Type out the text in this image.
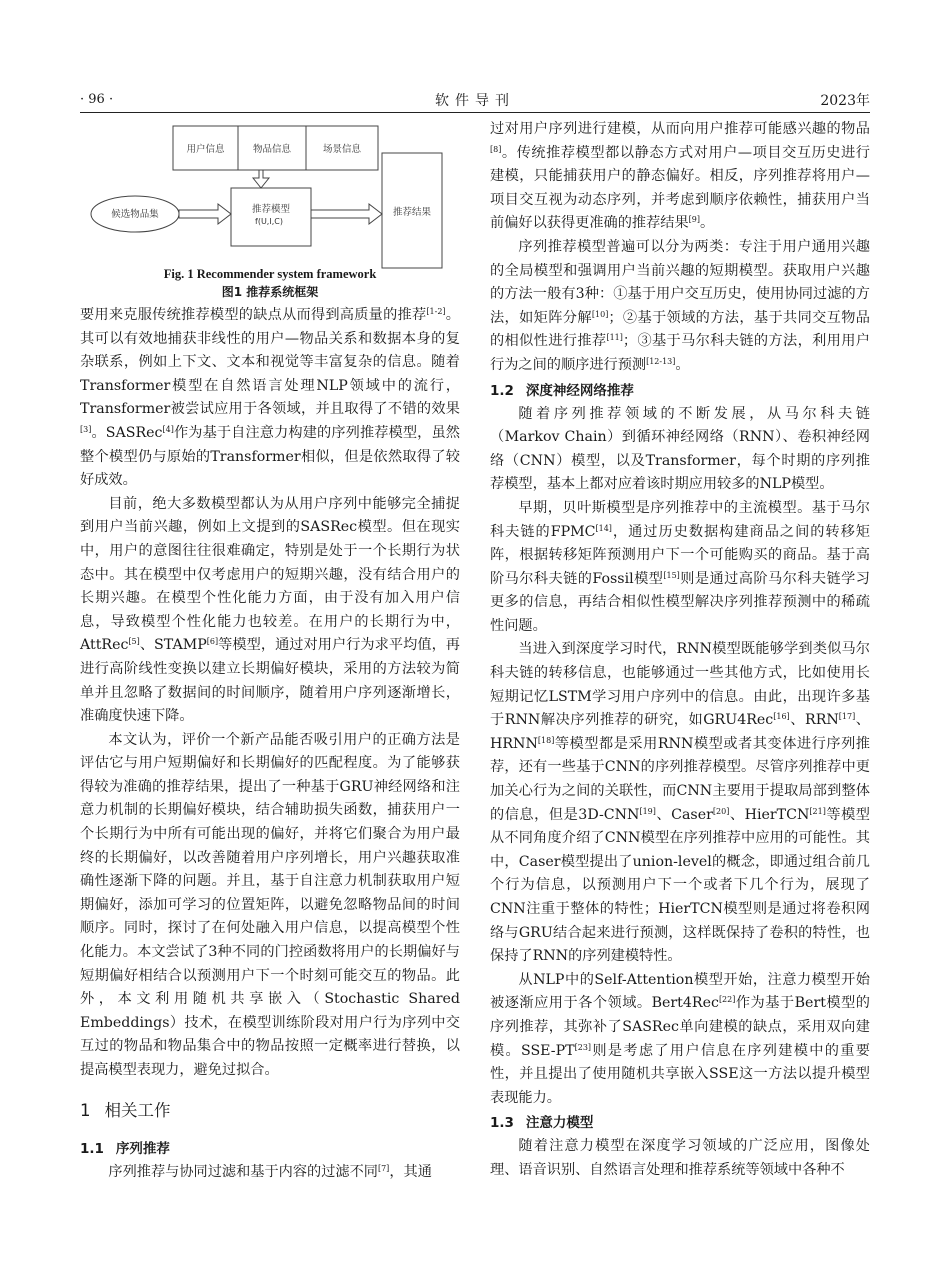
· 96 ·	软件导刊	2023年
用户信息	物品信息	场景信息
候选物品集	推荐模型
f(U,I,C)
推荐结果
Fig. 1 Recommender system framework
图1 推荐系统框架

要用来克服传统推荐模型的缺点从而得到高质量的推荐[1-2]。其可以有效地捕获非线性的用户—物品关系和数据本身的复杂联系，例如上下文、文本和视觉等丰富复杂的信息。随着Transformer模型在自然语言处理NLP领域中的流行，Transformer被尝试应用于各领域，并且取得了不错的效果[3]。SASRec[4]作为基于自注意力构建的序列推荐模型，虽然整个模型仍与原始的Transformer相似，但是依然取得了较好成效。

目前，绝大多数模型都认为从用户序列中能够完全捕捉到用户当前兴趣，例如上文提到的SASRec模型。但在现实中，用户的意图往往很难确定，特别是处于一个长期行为状态中。其在模型中仅考虑用户的短期兴趣，没有结合用户的长期兴趣。在模型个性化能力方面，由于没有加入用户信息，导致模型个性化能力也较差。在用户的长期行为中，AttRec[5]、STAMP[6]等模型，通过对用户行为求平均值，再进行高阶线性变换以建立长期偏好模块，采用的方法较为简单并且忽略了数据间的时间顺序，随着用户序列逐渐增长，准确度快速下降。

本文认为，评价一个新产品能否吸引用户的正确方法是评估它与用户短期偏好和长期偏好的匹配程度。为了能够获得较为准确的推荐结果，提出了一种基于GRU神经网络和注意力机制的长期偏好模块，结合辅助损失函数，捕获用户一个长期行为中所有可能出现的偏好，并将它们聚合为用户最终的长期偏好，以改善随着用户序列增长，用户兴趣获取准确性逐渐下降的问题。并且，基于自注意力机制获取用户短期偏好，添加可学习的位置矩阵，以避免忽略物品间的时间顺序。同时，探讨了在何处融入用户信息，以提高模型个性化能力。本文尝试了3种不同的门控函数将用户的长期偏好与短期偏好相结合以预测用户下一个时刻可能交互的物品。此外，本文利用随机共享嵌入（Stochastic Shared Embeddings）技术，在模型训练阶段对用户行为序列中交互过的物品和物品集合中的物品按照一定概率进行替换，以提高模型表现力，避免过拟合。

1 相关工作
1.1 序列推荐

序列推荐与协同过滤和基于内容的过滤不同[7]，其通

过对用户序列进行建模，从而向用户推荐可能感兴趣的物品[8]。传统推荐模型都以静态方式对用户—项目交互历史进行建模，只能捕获用户的静态偏好。相反，序列推荐将用户—项目交互视为动态序列，并考虑到顺序依赖性，捕获用户当前偏好以获得更准确的推荐结果[9]。

序列推荐模型普遍可以分为两类：专注于用户通用兴趣的全局模型和强调用户当前兴趣的短期模型。获取用户兴趣的方法一般有3种：①基于用户交互历史，使用协同过滤的方法，如矩阵分解[10]；②基于领域的方法，基于共同交互物品的相似性进行推荐[11]；③基于马尔科夫链的方法，利用用户行为之间的顺序进行预测[12-13]。

1.2 深度神经网络推荐

随着序列推荐领域的不断发展，从马尔科夫链（Markov Chain）到循环神经网络（RNN）、卷积神经网络（CNN）模型，以及Transformer，每个时期的序列推荐模型，基本上都对应着该时期应用较多的NLP模型。

早期，贝叶斯模型是序列推荐中的主流模型。基于马尔科夫链的FPMC[14]，通过历史数据构建商品之间的转移矩阵，根据转移矩阵预测用户下一个可能购买的商品。基于高阶马尔科夫链的Fossil模型[15]则是通过高阶马尔科夫链学习更多的信息，再结合相似性模型解决序列推荐预测中的稀疏性问题。

当进入到深度学习时代，RNN模型既能够学到类似马尔科夫链的转移信息，也能够通过一些其他方式，比如使用长短期记忆LSTM学习用户序列中的信息。由此，出现许多基于RNN解决序列推荐的研究，如GRU4Rec[16]、RRN[17]、HRNN[18]等模型都是采用RNN模型或者其变体进行序列推荐，还有一些基于CNN的序列推荐模型。尽管序列推荐中更加关心行为之间的关联性，而CNN主要用于提取局部到整体的信息，但是3D-CNN[19]、Caser[20]、HierTCN[21]等模型从不同角度介绍了CNN模型在序列推荐中应用的可能性。其中，Caser模型提出了union-level的概念，即通过组合前几个行为信息，以预测用户下一个或者下几个行为，展现了CNN注重于整体的特性；HierTCN模型则是通过将卷积网络与GRU结合起来进行预测，这样既保持了卷积的特性，也保持了RNN的序列建模特性。

从NLP中的Self-Attention模型开始，注意力模型开始被逐渐应用于各个领域。Bert4Rec[22]作为基于Bert模型的序列推荐，其弥补了SASRec单向建模的缺点，采用双向建模。SSE-PT[23]则是考虑了用户信息在序列建模中的重要性，并且提出了使用随机共享嵌入SSE这一方法以提升模型表现能力。

1.3 注意力模型

随着注意力模型在深度学习领域的广泛应用，图像处理、语音识别、自然语言处理和推荐系统等领域中各种不
